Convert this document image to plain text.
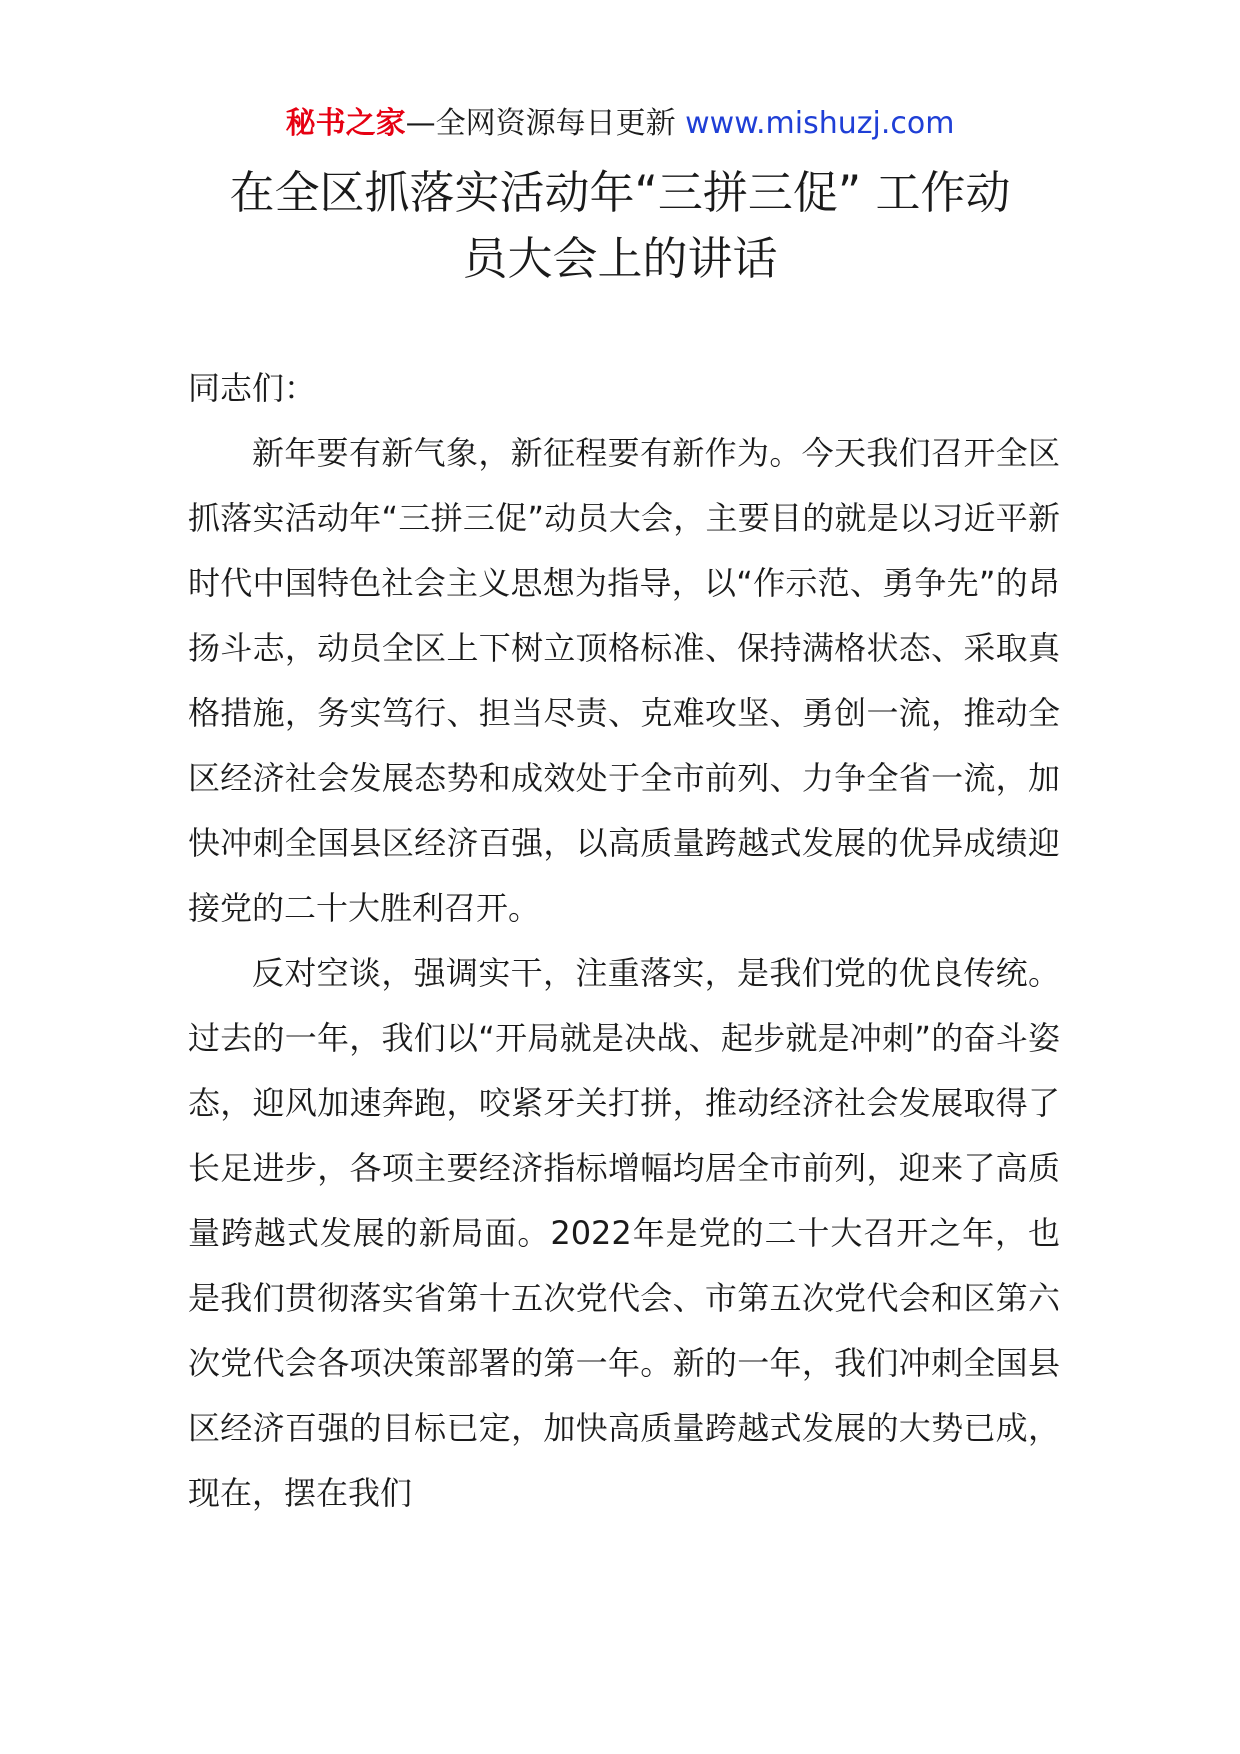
秘书之家—全网资源每日更新 www.mishuzj.com
在全区抓落实活动年“三拼三促” 工作动
员大会上的讲话

同志们：

新年要有新气象，新征程要有新作为。今天我们召开全区抓落实活动年“三拼三促”动员大会，主要目的就是以习近平新时代中国特色社会主义思想为指导，以“作示范、勇争先”的昂扬斗志，动员全区上下树立顶格标准、保持满格状态、采取真格措施，务实笃行、担当尽责、克难攻坚、勇创一流，推动全区经济社会发展态势和成效处于全市前列、力争全省一流，加快冲刺全国县区经济百强，以高质量跨越式发展的优异成绩迎接党的二十大胜利召开。

反对空谈，强调实干，注重落实，是我们党的优良传统。过去的一年，我们以“开局就是决战、起步就是冲刺”的奋斗姿态，迎风加速奔跑，咬紧牙关打拼，推动经济社会发展取得了长足进步，各项主要经济指标增幅均居全市前列，迎来了高质量跨越式发展的新局面。2022年是党的二十大召开之年，也是我们贯彻落实省第十五次党代会、市第五次党代会和区第六次党代会各项决策部署的第一年。新的一年，我们冲刺全国县区经济百强的目标已定，加快高质量跨越式发展的大势已成，现在，摆在我们
